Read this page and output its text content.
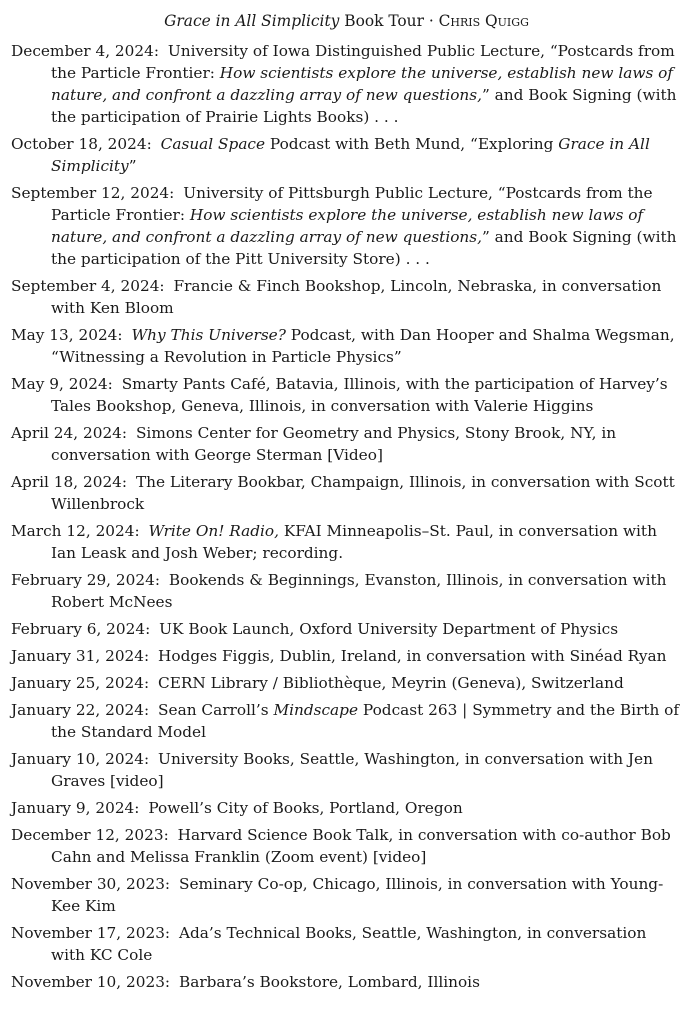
Grace in All Simplicity Book Tour · Chris Quigg
December 4, 2024: University of Iowa Distinguished Public Lecture, “Postcards from the Particle Frontier: How scientists explore the universe, establish new laws of nature, and confront a dazzling array of new questions,” and Book Signing (with the participation of Prairie Lights Books) . . .
October 18, 2024: Casual Space Podcast with Beth Mund, “Exploring Grace in All Simplicity”
September 12, 2024: University of Pittsburgh Public Lecture, “Postcards from the Particle Frontier: How scientists explore the universe, establish new laws of nature, and confront a dazzling array of new questions,” and Book Signing (with the participation of the Pitt University Store) . . .
September 4, 2024: Francie & Finch Bookshop, Lincoln, Nebraska, in conversation with Ken Bloom
May 13, 2024: Why This Universe? Podcast, with Dan Hooper and Shalma Wegsman, “Witnessing a Revolution in Particle Physics”
May 9, 2024: Smarty Pants Café, Batavia, Illinois, with the participation of Harvey’s Tales Bookshop, Geneva, Illinois, in conversation with Valerie Higgins
April 24, 2024: Simons Center for Geometry and Physics, Stony Brook, NY, in conversation with George Sterman [Video]
April 18, 2024: The Literary Bookbar, Champaign, Illinois, in conversation with Scott Willenbrock
March 12, 2024: Write On! Radio, KFAI Minneapolis–St. Paul, in conversation with Ian Leask and Josh Weber; recording.
February 29, 2024: Bookends & Beginnings, Evanston, Illinois, in conversation with Robert McNees
February 6, 2024: UK Book Launch, Oxford University Department of Physics
January 31, 2024: Hodges Figgis, Dublin, Ireland, in conversation with Sinéad Ryan
January 25, 2024: CERN Library / Bibliothèque, Meyrin (Geneva), Switzerland
January 22, 2024: Sean Carroll’s Mindscape Podcast 263 | Symmetry and the Birth of the Standard Model
January 10, 2024: University Books, Seattle, Washington, in conversation with Jen Graves [video]
January 9, 2024: Powell’s City of Books, Portland, Oregon
December 12, 2023: Harvard Science Book Talk, in conversation with co-author Bob Cahn and Melissa Franklin (Zoom event) [video]
November 30, 2023: Seminary Co-op, Chicago, Illinois, in conversation with Young-Kee Kim
November 17, 2023: Ada’s Technical Books, Seattle, Washington, in conversation with KC Cole
November 10, 2023: Barbara’s Bookstore, Lombard, Illinois
